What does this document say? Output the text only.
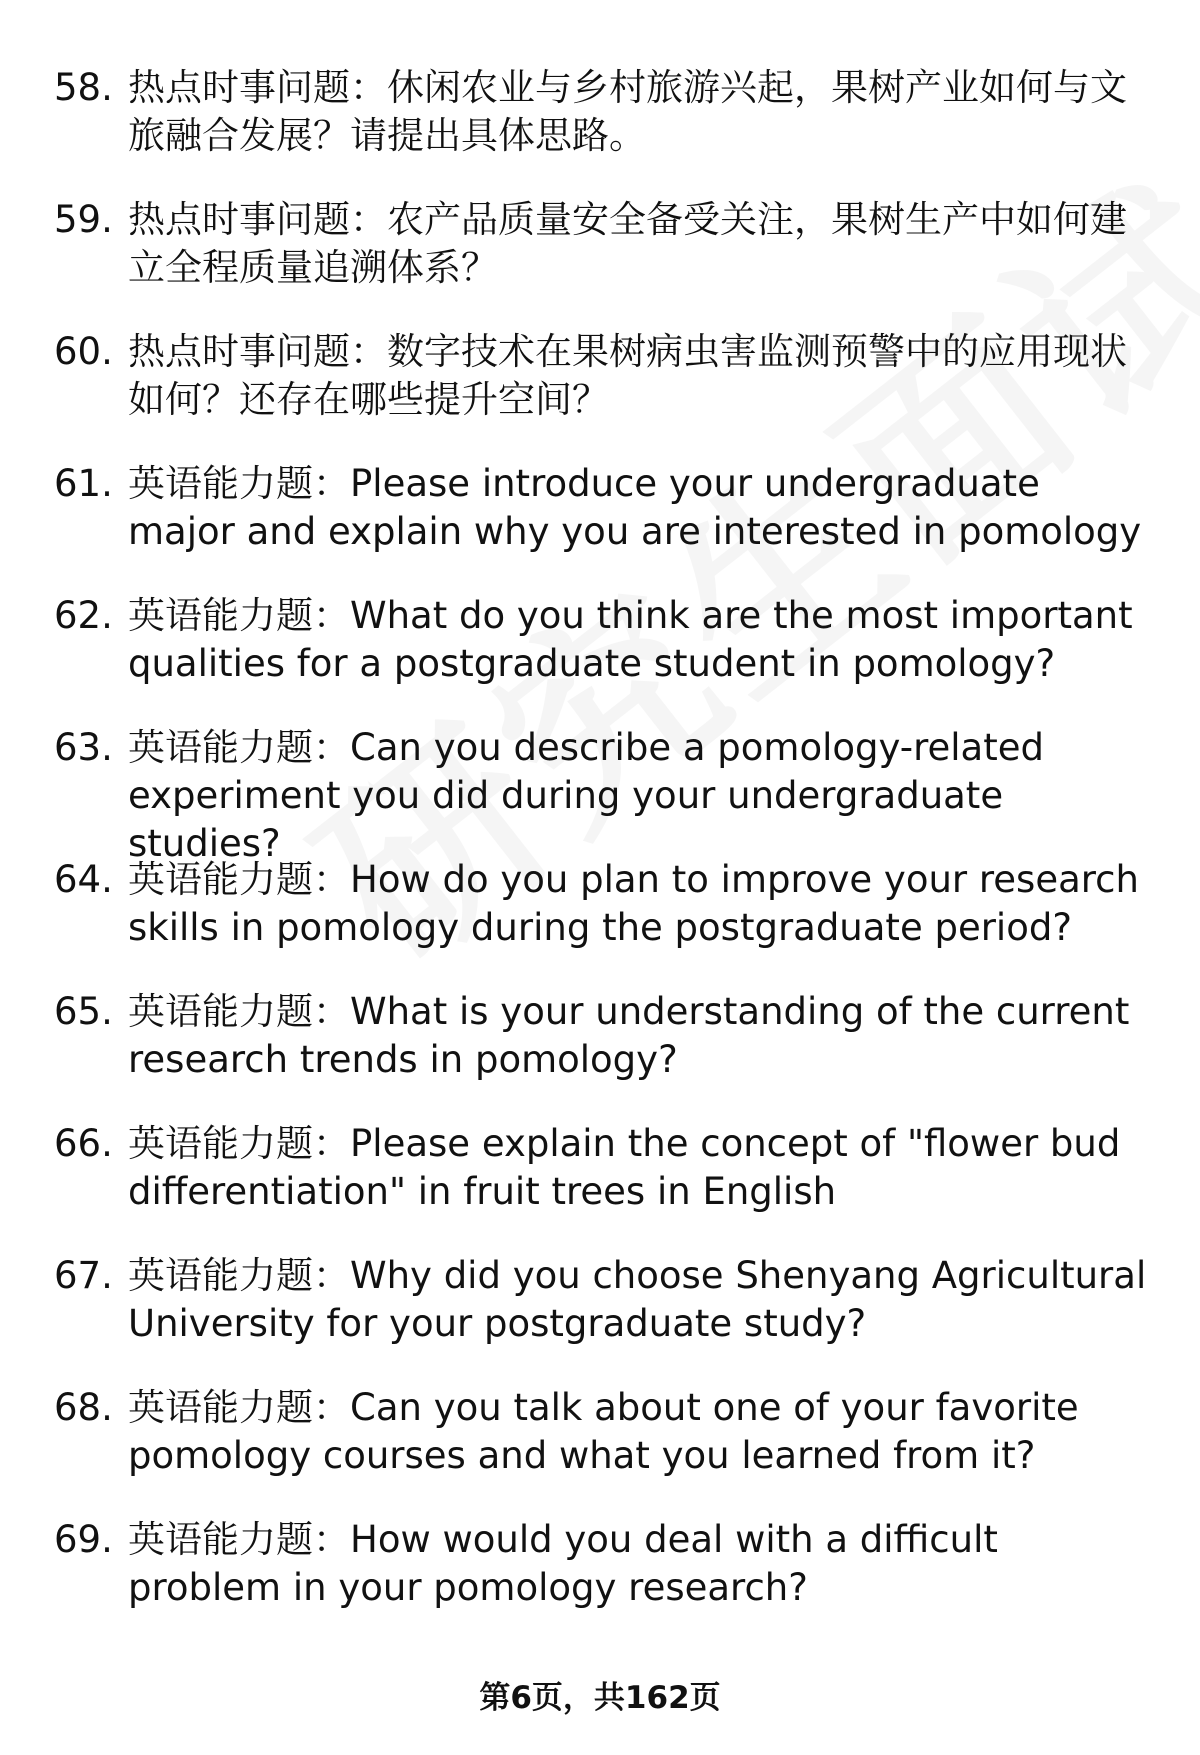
58. 热点时事问题：休闲农业与乡村旅游兴起，果树产业如何与文旅融合发展？请提出具体思路。
59. 热点时事问题：农产品质量安全备受关注，果树生产中如何建立全程质量追溯体系？
60. 热点时事问题：数字技术在果树病虫害监测预警中的应用现状如何？还存在哪些提升空间？
61. 英语能力题：Please introduce your undergraduate major and explain why you are interested in pomology
62. 英语能力题：What do you think are the most important qualities for a postgraduate student in pomology?
63. 英语能力题：Can you describe a pomology-related experiment you did during your undergraduate studies?
64. 英语能力题：How do you plan to improve your research skills in pomology during the postgraduate period?
65. 英语能力题：What is your understanding of the current research trends in pomology?
66. 英语能力题：Please explain the concept of "flower bud differentiation" in fruit trees in English
67. 英语能力题：Why did you choose Shenyang Agricultural University for your postgraduate study?
68. 英语能力题：Can you talk about one of your favorite pomology courses and what you learned from it?
69. 英语能力题：How would you deal with a difficult problem in your pomology research?
第6页，共162页
